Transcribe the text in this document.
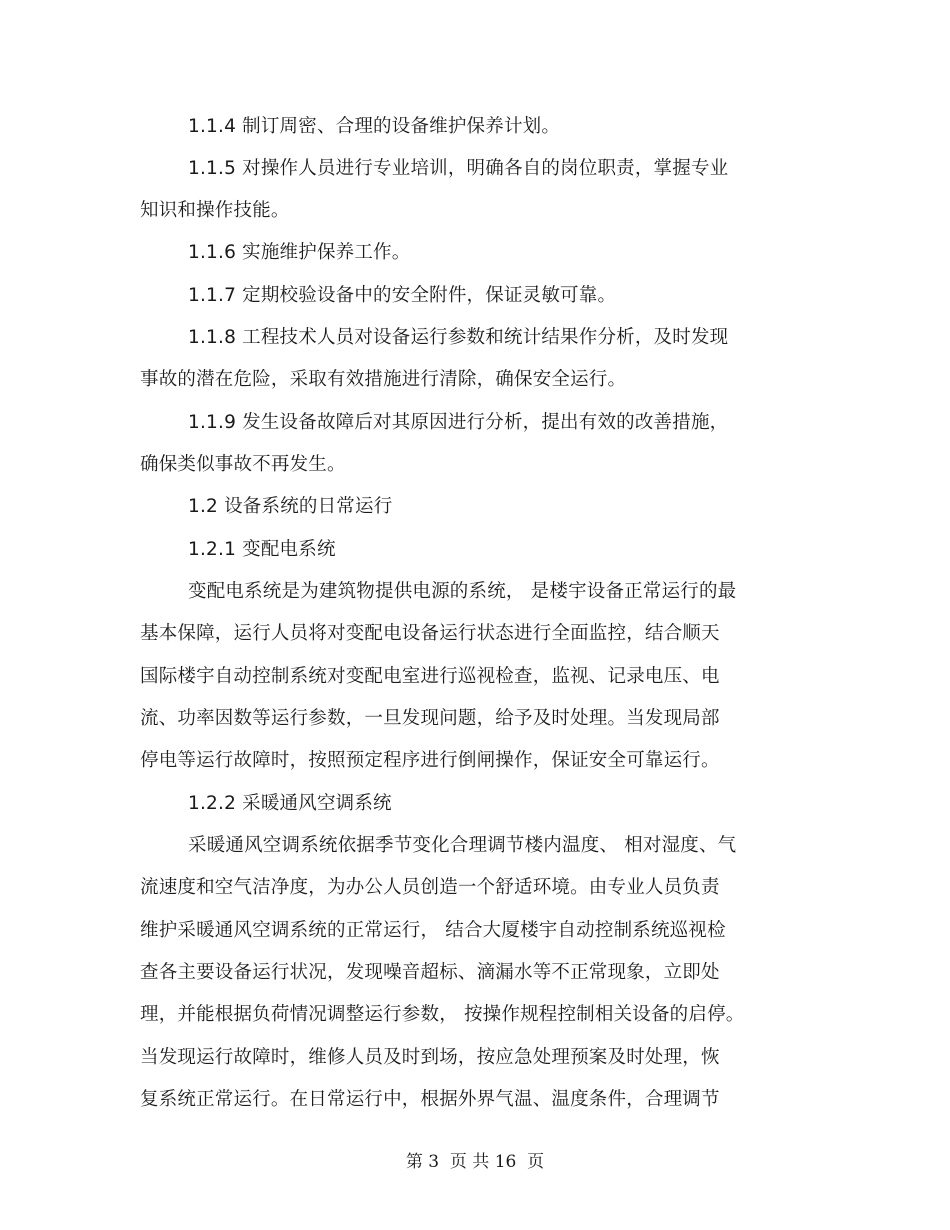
1.1.4 制订周密、合理的设备维护保养计划。
1.1.5 对操作人员进行专业培训，明确各自的岗位职责，掌握专业
知识和操作技能。
1.1.6 实施维护保养工作。
1.1.7 定期校验设备中的安全附件，保证灵敏可靠。
1.1.8 工程技术人员对设备运行参数和统计结果作分析，及时发现
事故的潜在危险，采取有效措施进行清除，确保安全运行。
1.1.9 发生设备故障后对其原因进行分析，提出有效的改善措施，
确保类似事故不再发生。
1.2 设备系统的日常运行
1.2.1 变配电系统
变配电系统是为建筑物提供电源的系统， 是楼宇设备正常运行的最
基本保障，运行人员将对变配电设备运行状态进行全面监控，结合顺天
国际楼宇自动控制系统对变配电室进行巡视检查，监视、记录电压、电
流、功率因数等运行参数，一旦发现问题，给予及时处理。当发现局部
停电等运行故障时，按照预定程序进行倒闸操作，保证安全可靠运行。
1.2.2 采暖通风空调系统
采暖通风空调系统依据季节变化合理调节楼内温度、 相对湿度、气
流速度和空气洁净度，为办公人员创造一个舒适环境。由专业人员负责
维护采暖通风空调系统的正常运行， 结合大厦楼宇自动控制系统巡视检
查各主要设备运行状况，发现噪音超标、滴漏水等不正常现象，立即处
理，并能根据负荷情况调整运行参数， 按操作规程控制相关设备的启停。
当发现运行故障时，维修人员及时到场，按应急处理预案及时处理，恢
复系统正常运行。在日常运行中，根据外界气温、温度条件，合理调节
第 3  页 共 16  页
